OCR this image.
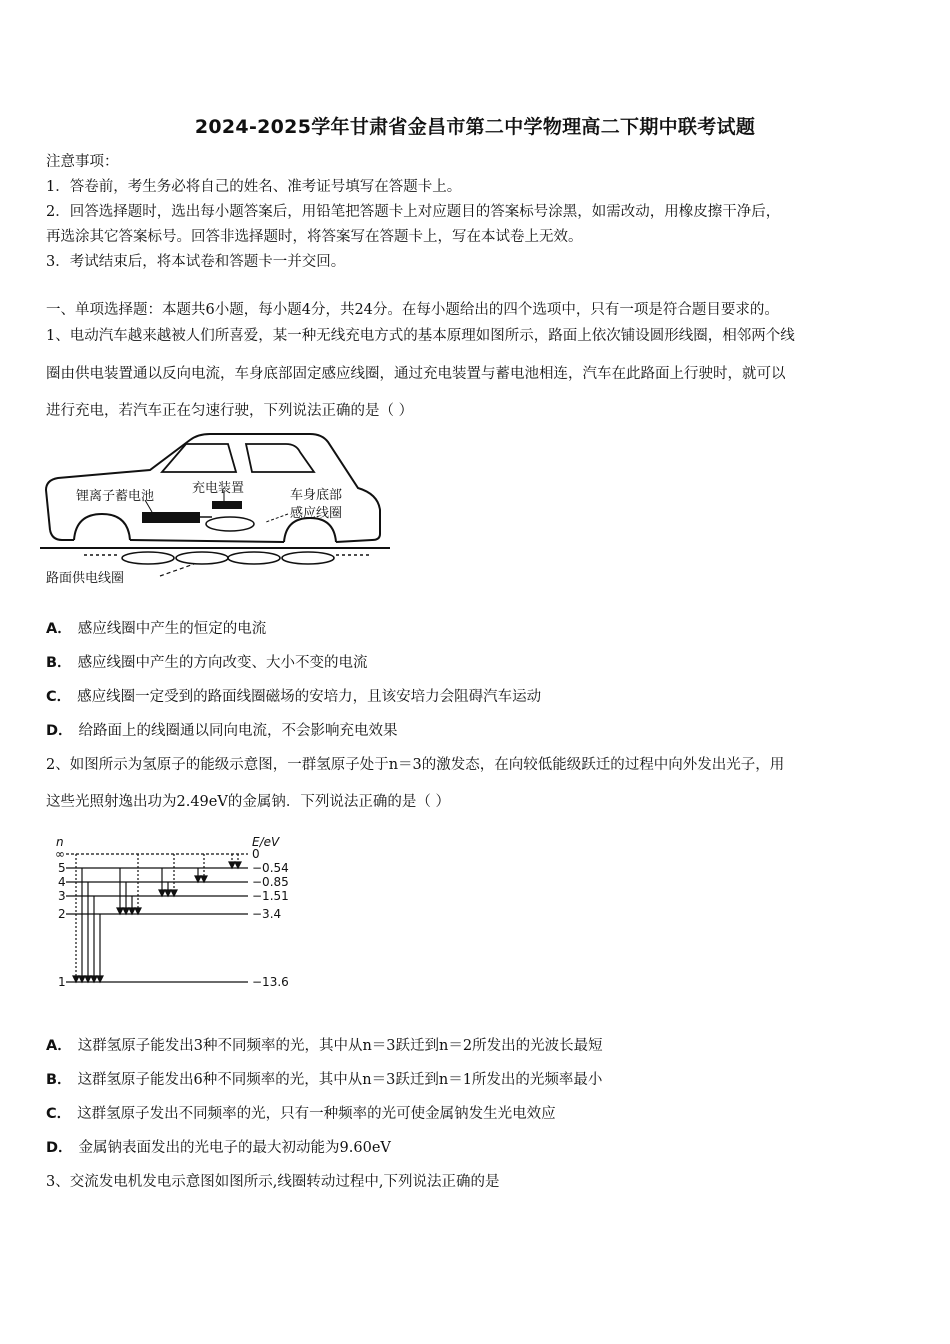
2024-2025学年甘肃省金昌市第二中学物理高二下期中联考试题
注意事项：
1．答卷前，考生务必将自己的姓名、准考证号填写在答题卡上。
2．回答选择题时，选出每小题答案后，用铅笔把答题卡上对应题目的答案标号涂黑，如需改动，用橡皮擦干净后，
再选涂其它答案标号。回答非选择题时，将答案写在答题卡上，写在本试卷上无效。
3．考试结束后，将本试卷和答题卡一并交回。
一、单项选择题：本题共6小题，每小题4分，共24分。在每小题给出的四个选项中，只有一项是符合题目要求的。
1、电动汽车越来越被人们所喜爱，某一种无线充电方式的基本原理如图所示，路面上依次铺设圆形线圈，相邻两个线
圈由供电装置通以反向电流，车身底部固定感应线圈，通过充电装置与蓄电池相连，汽车在此路面上行驶时，就可以
进行充电，若汽车正在匀速行驶，下列说法正确的是（ ）
锂离子蓄电池
充电装置	车身底部
感应线圈
路面供电线圈
A． 感应线圈中产生的恒定的电流
B． 感应线圈中产生的方向改变、大小不变的电流
C． 感应线圈一定受到的路面线圈磁场的安培力，且该安培力会阻碍汽车运动
D． 给路面上的线圈通以同向电流，不会影响充电效果
2、如图所示为氢原子的能级示意图，一群氢原子处于n＝3的激发态，在向较低能级跃迁的过程中向外发出光子，用
这些光照射逸出功为2.49eV的金属钠．下列说法正确的是（ ）
n	E/eV
∞	0
5	−0.54
4	−0.85
3	−1.51
2	−3.4
1	−13.6
A． 这群氢原子能发出3种不同频率的光，其中从n＝3跃迁到n＝2所发出的光波长最短
B． 这群氢原子能发出6种不同频率的光，其中从n＝3跃迁到n＝1所发出的光频率最小
C． 这群氢原子发出不同频率的光，只有一种频率的光可使金属钠发生光电效应
D． 金属钠表面发出的光电子的最大初动能为9.60eV
3、交流发电机发电示意图如图所示,线圈转动过程中,下列说法正确的是
